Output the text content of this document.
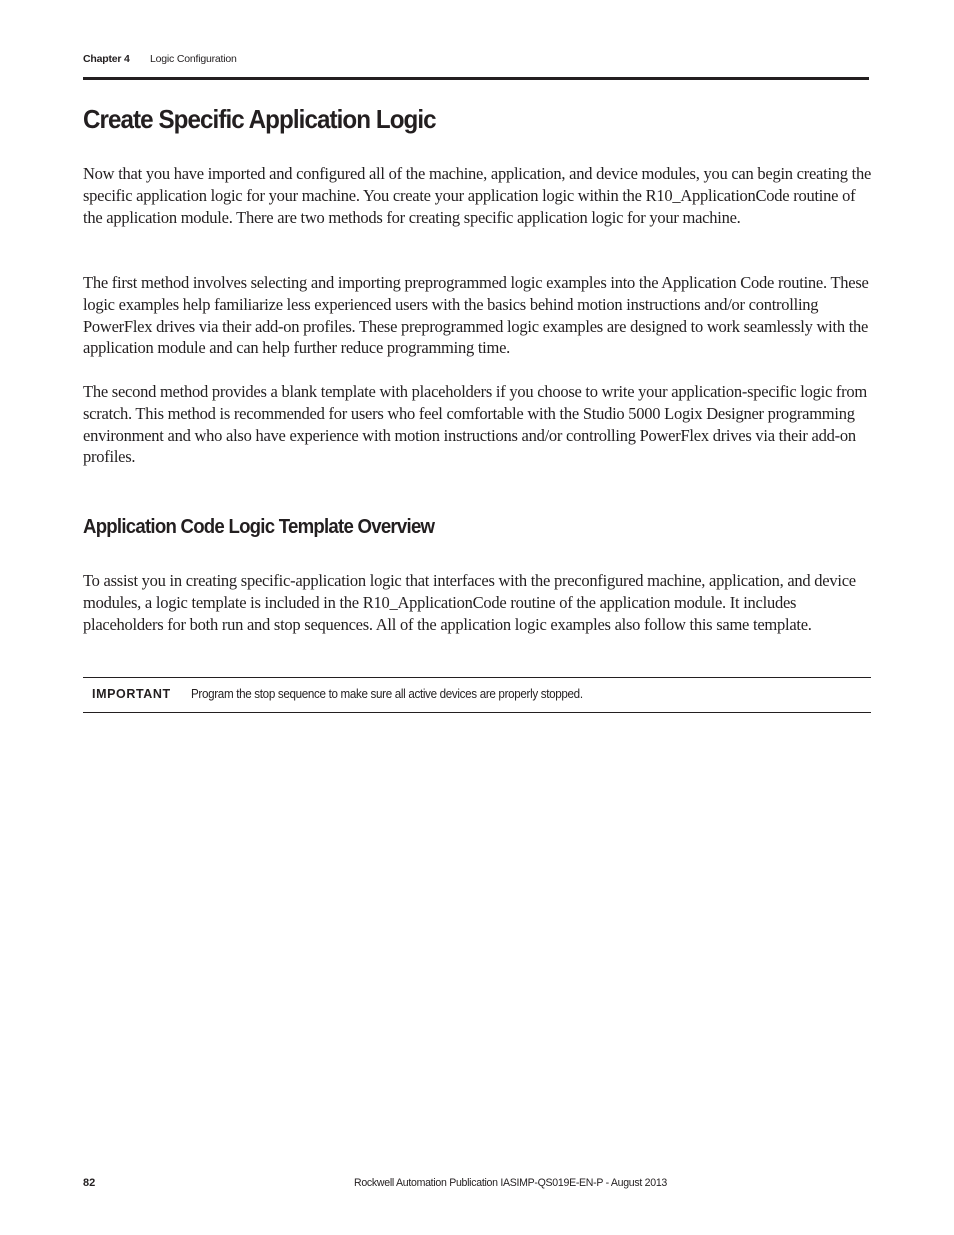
Chapter 4 Logic Configuration
Create Specific Application Logic

Now that you have imported and configured all of the machine, application, and device modules, you can begin creating the specific application logic for your machine. You create your application logic within the R10_ApplicationCode routine of the application module. There are two methods for creating specific application logic for your machine.

The first method involves selecting and importing preprogrammed logic examples into the Application Code routine. These logic examples help familiarize less experienced users with the basics behind motion instructions and/or controlling PowerFlex drives via their add-on profiles. These preprogrammed logic examples are designed to work seamlessly with the application module and can help further reduce programming time.

The second method provides a blank template with placeholders if you choose to write your application-specific logic from scratch. This method is recommended for users who feel comfortable with the Studio 5000 Logix Designer programming environment and who also have experience with motion instructions and/or controlling PowerFlex drives via their add-on profiles.

Application Code Logic Template Overview

To assist you in creating specific-application logic that interfaces with the preconfigured machine, application, and device modules, a logic template is included in the R10_ApplicationCode routine of the application module. It includes placeholders for both run and stop sequences. All of the application logic examples also follow this same template.

IMPORTANT Program the stop sequence to make sure all active devices are properly stopped.
82	Rockwell Automation Publication IASIMP-QS019E-EN-P - August 2013
